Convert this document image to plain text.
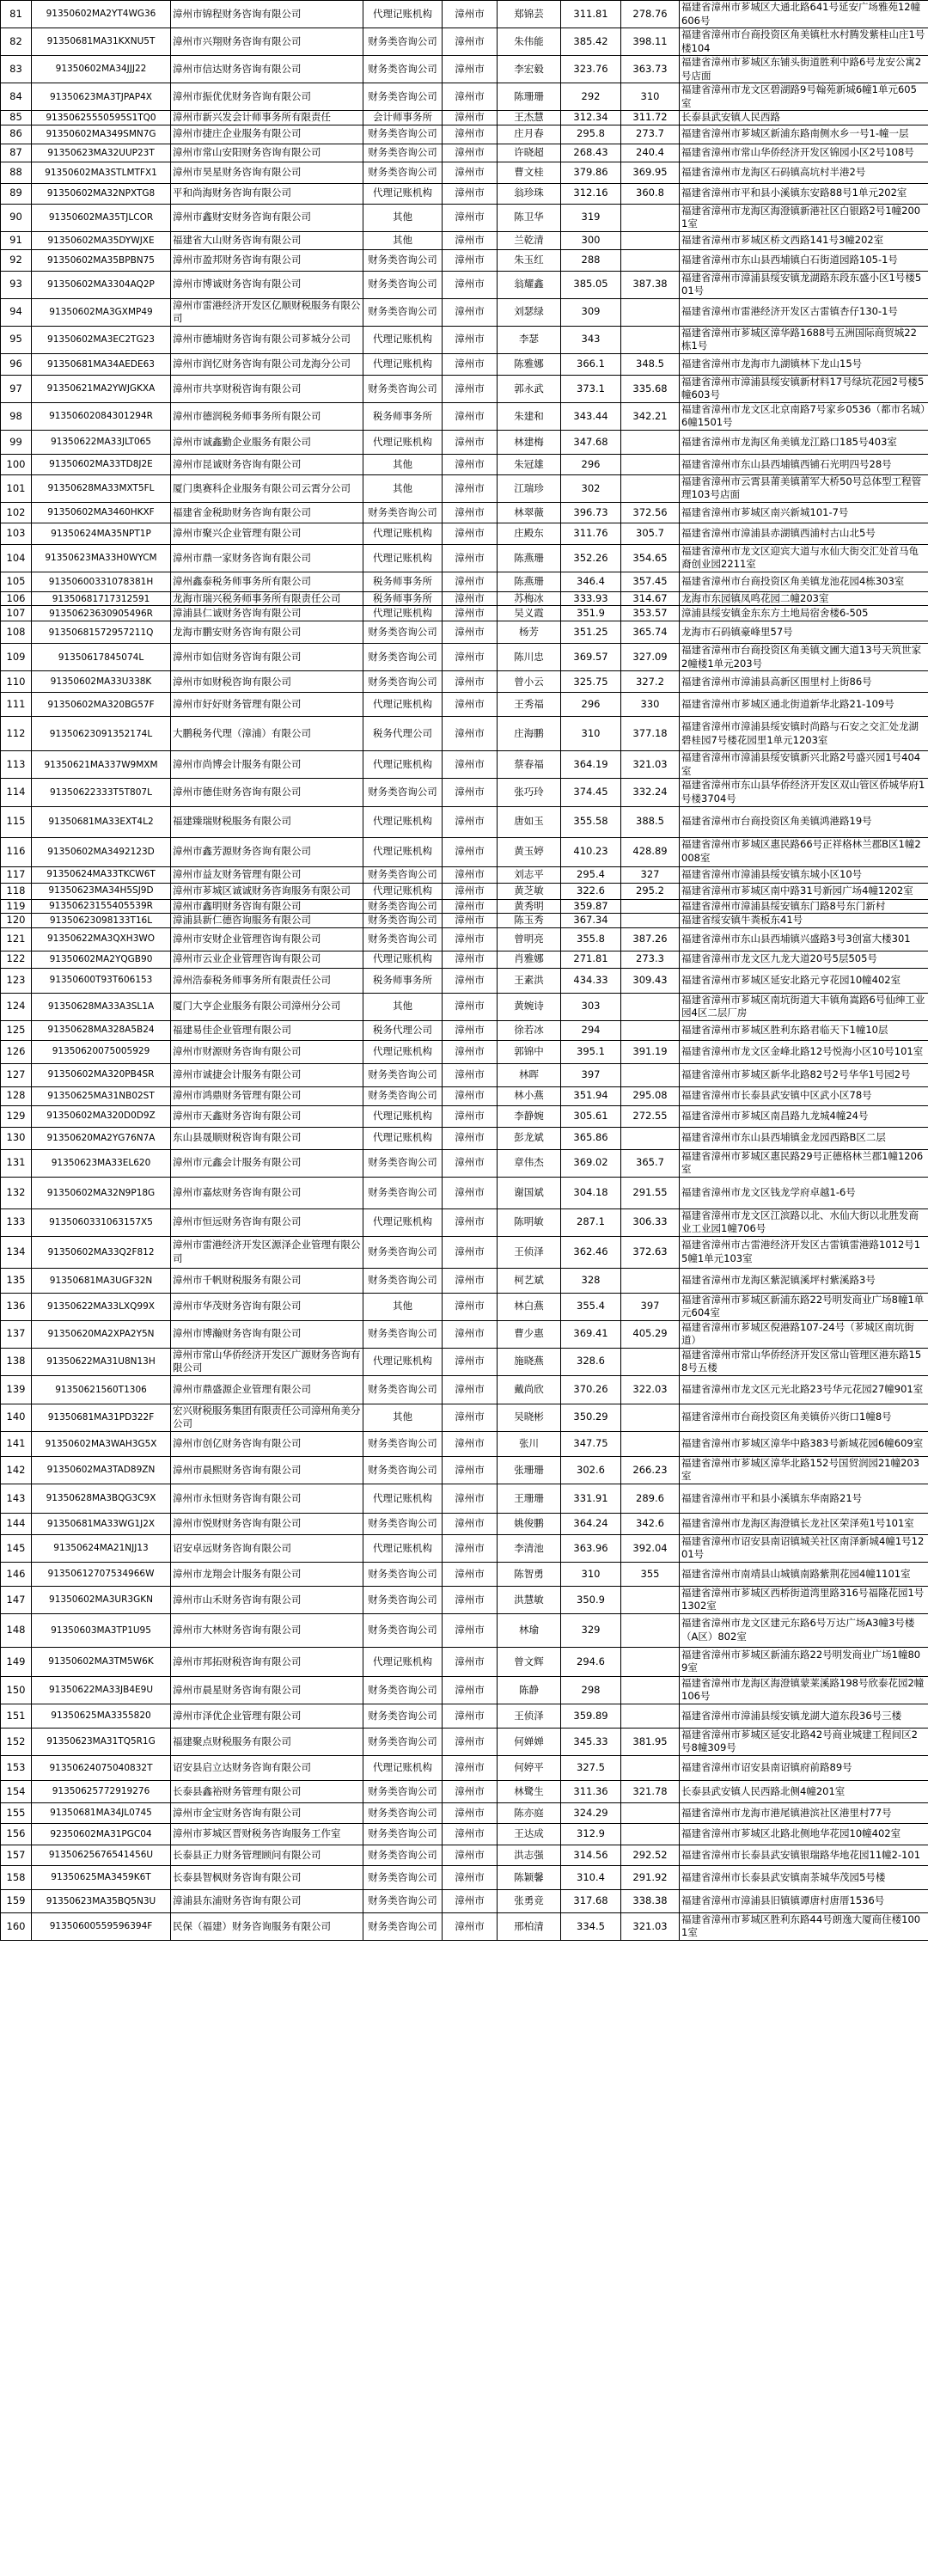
81	91350602MA2YT4WG36	漳州市锦程财务咨询有限公司	代理记账机构	漳州市	郑锦芸	311.81	278.76	福建省漳州市芗城区大通北路641号延安广场雅苑12幢606号
82	91350681MA31KXNU5T	漳州市兴翔财务咨询有限公司	财务类咨询公司	漳州市	朱伟能	385.42	398.11	福建省漳州市台商投资区角美镇杜水村腾发紫桂山庄1号楼104
83	91350602MA34JJJ22	漳州市信达财务咨询有限公司	财务类咨询公司	漳州市	李宏毅	323.76	363.73	福建省漳州市芗城区东铺头街道胜利中路6号龙安公寓2号店面
84	91350623MA3TJPAP4X	漳州市振优优财务咨询有限公司	财务类咨询公司	漳州市	陈珊珊	292	310	福建省漳州市龙文区碧湖路9号翰苑新城6幢1单元605室
85	91350625550595S1TQ0	漳州市新兴发会计师事务所有限责任	会计师事务所	漳州市	王杰慧	312.34	311.72	长泰县武安镇人民西路
86	91350602MA349SMN7G	漳州市捷庄企业服务有限公司	财务类咨询公司	漳州市	庄月春	295.8	273.7	福建省漳州市芗城区新浦东路南侧水乡一号1-幢一层
87	91350623MA32UUP23T	漳州市常山安阳财务咨询有限公司	财务类咨询公司	漳州市	许晓超	268.43	240.4	福建省漳州市常山华侨经济开发区锦园小区2号108号
88	91350602MA3STLMTFX1	漳州市昊星财务咨询有限公司	财务类咨询公司	漳州市	曹文桂	379.86	369.95	福建省漳州市龙海区石码镇高坑村半港2号
89	91350602MA32NPXTG8	平和尚海财务咨询有限公司	代理记账机构	漳州市	翁珍珠	312.16	360.8	福建省漳州市平和县小溪镇东安路88号1单元202室
90	91350602MA35TJLCOR	漳州市鑫财安财务咨询有限公司	其他	漳州市	陈卫华	319		福建省漳州市龙海区海澄镇新港社区白银路2号1幢2001室
91	91350602MA35DYWJXE	福建省大山财务咨询有限公司	其他	漳州市	兰乾清	300		福建省漳州市芗城区桥文西路141号3幢202室
92	91350602MA35BPBN75	漳州市盈邦财务咨询有限公司	财务类咨询公司	漳州市	朱玉红	288		福建省漳州市东山县西埔镇白石街道园路105-1号
93	91350602MA3304AQ2P	漳州市博诚财务咨询有限公司	财务类咨询公司	漳州市	翁耀鑫	385.05	387.38	福建省漳州市漳浦县绥安镇龙湖路东段东盛小区1号楼501号
94	91350602MA3GXMP49	漳州市雷港经济开发区亿顺财税服务有限公司	财务类咨询公司	漳州市	刘瑟绿	309		福建省漳州市雷港经济开发区古雷镇杏仔130-1号
95	91350602MA3EC2TG23	漳州市德埔财务咨询有限公司芗城分公司	代理记账机构	漳州市	李瑟	343		福建省漳州市芗城区漳华路1688号五洲国际商贸城22栋1号
96	91350681MA34AEDE63	漳州市润忆财务咨询有限公司龙海分公司	代理记账机构	漳州市	陈雅娜	366.1	348.5	福建省漳州市龙海市九湖镇林下龙山15号
97	91350621MA2YWJGKXA	漳州市共享财税咨询有限公司	财务类咨询公司	漳州市	郭永武	373.1	335.68	福建省漳州市漳浦县绥安镇新材料17号绿坑花园2号楼5幢603号
98	91350602084301294R	漳州市德润税务师事务所有限公司	税务师事务所	漳州市	朱建和	343.44	342.21	福建省漳州市龙文区北京南路7号家乡0536（都市名城）6幢1501号
99	91350622MA33JLT065	漳州市诚鑫勤企业服务有限公司	代理记账机构	漳州市	林建梅	347.68		福建省漳州市龙海区角美镇龙江路口185号403室
100	91350602MA33TD8J2E	漳州市昆诚财务咨询有限公司	其他	漳州市	朱冠雄	296		福建省漳州市东山县西埔镇西铺石光明四号28号
101	91350628MA33MXT5FL	厦门奥赛科企业服务有限公司云霄分公司	其他	漳州市	江瑞珍	302		福建省漳州市云霄县莆美镇莆军大桥50号总体型工程管理103号店面
102	91350602MA3460HKXF	福建省金税助财务咨询有限公司	财务类咨询公司	漳州市	林翠薇	396.73	372.56	福建省漳州市芗城区南兴新城101-7号
103	91350624MA35NPT1P	漳州市聚兴企业管理有限公司	代理记账机构	漳州市	庄殿东	311.76	305.7	福建省漳州市漳浦县赤湖镇西浦村古山北5号
104	91350623MA33H0WYCM	漳州市鼎一家财务咨询有限公司	代理记账机构	漳州市	陈燕珊	352.26	354.65	福建省漳州市龙文区迎宾大道与水仙大街交汇处首马龟裔创业园2211室
105	91350600331078381H	漳州鑫泰税务师事务所有限公司	税务师事务所	漳州市	陈燕珊	346.4	357.45	福建省漳州市台商投资区角美镇龙池花园4栋303室
106	91350681717312591	龙海市瑞兴税务师事务所有限责任公司	税务师事务所	漳州市	苏梅冰	333.93	314.67	龙海市东园镇凤鸣花园二幢203室
107	91350623630905496R	漳浦县仁诚财务咨询有限公司	代理记账机构	漳州市	吴义霞	351.9	353.57	漳浦县绥安镇金东东方土地局宿舍楼6-505
108	91350681572957211Q	龙海市鹏安财务咨询有限公司	财务类咨询公司	漳州市	杨芳	351.25	365.74	龙海市石码镇豪峰里57号
109	91350617845074L	漳州市如信财务咨询有限公司	财务类咨询公司	漳州市	陈川忠	369.57	327.09	福建省漳州市台商投资区角美镇文圃大道13号天筑世家2幢楼1单元203号
110	91350602MA33U338K	漳州市如财税咨询有限公司	财务类咨询公司	漳州市	曾小云	325.75	327.2	福建省漳州市漳浦县高新区围里村上街86号
111	91350602MA320BG57F	漳州市好好财务管理有限公司	代理记账机构	漳州市	王秀福	296	330	福建省漳州市芗城区通北街道新华北路21-109号
112	91350623091352174L	大鹏税务代理（漳浦）有限公司	税务代理公司	漳州市	庄海鹏	310	377.18	福建省漳州市漳浦县绥安镇时尚路与石安之交汇处龙湖碧桂园7号楼花园里1单元1203室
113	91350621MA337W9MXM	漳州市尚博会计服务有限公司	代理记账机构	漳州市	蔡春福	364.19	321.03	福建省漳州市漳浦县绥安镇新兴北路2号盛兴园1号404室
114	91350622333T5T807L	漳州市德佳财务咨询有限公司	财务类咨询公司	漳州市	张巧玲	374.45	332.24	福建省漳州市东山县华侨经济开发区双山管区侨城华府1号楼3704号
115	91350681MA33EXT4L2	福建臻瑞财税服务有限公司	代理记账机构	漳州市	唐如玉	355.58	388.5	福建省漳州市台商投资区角美镇鸿港路19号
116	91350602MA3492123D	漳州市鑫芳源财务咨询有限公司	代理记账机构	漳州市	黄玉婷	410.23	428.89	福建省漳州市芗城区惠民路66号正祥格林兰郡B区1幢2008室
117	91350624MA33TKCW6T	漳州市益友财务管理有限公司	财务类咨询公司	漳州市	刘志平	295.4	327	福建省漳州市漳浦县绥安镇东城小区10号
118	91350623MA34H5SJ9D	漳州市芗城区诚诚财务咨询服务有限公司	代理记账机构	漳州市	黄芝敏	322.6	295.2	福建省漳州市芗城区南中路31号新园广场4幢1202室
119	91350623155405539R	漳州市鑫明财务咨询有限公司	财务类咨询公司	漳州市	黄秀明	359.87		福建省漳州市漳浦县绥安镇东门路8号东门新村
120	91350623098133T16L	漳浦县新仁德咨询服务有限公司	财务类咨询公司	漳州市	陈玉秀	367.34		福建省绥安镇牛粪板东41号
121	91350622MA3QXH3WO	漳州市安财企业管理咨询有限公司	财务类咨询公司	漳州市	曾明亮	355.8	387.26	福建省漳州市东山县西埔镇兴盛路3号3创富大楼301
122	91350602MA2YQGB90	漳州市云业企业管理咨询有限公司	代理记账机构	漳州市	肖雅娜	271.81	273.3	福建省漳州市龙文区九龙大道20号5层505号
123	91350600T93T606153	漳州浩泰税务师事务所有限责任公司	税务师事务所	漳州市	王素洪	434.33	309.43	福建省漳州市芗城区延安北路元亨花园10幢402室
124	91350628MA33A3SL1A	厦门大亨企业服务有限公司漳州分公司	其他	漳州市	黄婉诗	303		福建省漳州市芗城区南坑街道大丰镇角嵩路6号仙绅工业园4区二层厂房
125	91350628MA328A5B24	福建易佳企业管理有限公司	税务代理公司	漳州市	徐若冰	294		福建省漳州市芗城区胜利东路君临天下1幢10层
126	91350620075005929	漳州市财源财务咨询有限公司	代理记账机构	漳州市	郭锦中	395.1	391.19	福建省漳州市龙文区金峰北路12号悦海小区10号101室
127	91350602MA320PB4SR	漳州市诚捷会计服务有限公司	财务类咨询公司	漳州市	林晖	397		福建省漳州市芗城区新华北路82号2号华华1号园2号
128	91350625MA31NB02ST	漳州市鸿鼎财务管理有限公司	财务类咨询公司	漳州市	林小燕	351.94	295.08	福建省漳州市长泰县武安镇中区武小区78号
129	91350602MA320D0D9Z	漳州市天鑫财务咨询有限公司	代理记账机构	漳州市	李静婉	305.61	272.55	福建省漳州市芗城区南昌路九龙城4幢24号
130	91350620MA2YG76N7A	东山县晟顺财税咨询有限公司	代理记账机构	漳州市	彭龙斌	365.86		福建省漳州市东山县西埔镇金龙园西路B区二层
131	91350623MA33EL620	漳州市元鑫会计服务有限公司	财务类咨询公司	漳州市	章伟杰	369.02	365.7	福建省漳州市芗城区惠民路29号正德格林兰郡1幢1206室
132	91350602MA32N9P18G	漳州市嘉炫财务咨询有限公司	财务类咨询公司	漳州市	谢国斌	304.18	291.55	福建省漳州市龙文区钱龙学府卓越1-6号
133	9135060331063157X5	漳州市恒远财务咨询有限公司	代理记账机构	漳州市	陈明敏	287.1	306.33	福建省漳州市龙文区江滨路以北、水仙大街以北胜发商业工业园1幢706号
134	91350602MA33Q2F812	漳州市雷港经济开发区源泽企业管理有限公司	财务类咨询公司	漳州市	王侦泽	362.46	372.63	福建省漳州市古雷港经济开发区古雷镇雷港路1012号15幢1单元103室
135	91350681MA3UGF32N	漳州市千帆财税服务有限公司	财务类咨询公司	漳州市	柯艺斌	328		福建省漳州市龙海区紫泥镇溪坪村紫溪路3号
136	91350622MA33LXQ99X	漳州市华茂财务咨询有限公司	其他	漳州市	林白燕	355.4	397	福建省漳州市芗城区新浦东路22号明发商业广场8幢1单元604室
137	91350620MA2XPA2Y5N	漳州市博瀚财务咨询有限公司	财务类咨询公司	漳州市	曹少惠	369.41	405.29	福建省漳州市芗城区倪港路107-24号（芗城区南坑街道）
138	91350622MA31U8N13H	漳州市常山华侨经济开发区广源财务咨询有限公司	代理记账机构	漳州市	施晓燕	328.6		福建省漳州市常山华侨经济开发区常山管理区港东路158号五楼
139	91350621560T1306	漳州市鼎盛源企业管理有限公司	财务类咨询公司	漳州市	戴尚欣	370.26	322.03	福建省漳州市龙文区元光北路23号华元花园27幢901室
140	91350681MA31PD322F	宏兴财税服务集团有限责任公司漳州角美分公司	其他	漳州市	吴晓彬	350.29		福建省漳州市台商投资区角美镇侨兴街口1幢8号
141	91350602MA3WAH3G5X	漳州市创亿财务咨询有限公司	财务类咨询公司	漳州市	张川	347.75		福建省漳州市芗城区漳华中路383号新城花园6幢609室
142	91350602MA3TAD89ZN	漳州市晨熙财务咨询有限公司	财务类咨询公司	漳州市	张珊珊	302.6	266.23	福建省漳州市芗城区漳华北路152号国贸润园21幢203室
143	91350628MA3BQG3C9X	漳州市永恒财务咨询有限公司	代理记账机构	漳州市	王珊珊	331.91	289.6	福建省漳州市平和县小溪镇东华南路21号
144	91350681MA33WG1J2X	漳州市悦财财务咨询有限公司	财务类咨询公司	漳州市	姚俊鹏	364.24	342.6	福建省漳州市龙海区海澄镇长龙社区荣泽苑1号101室
145	91350624MA21NJJ13	诏安卓远财务咨询有限公司	代理记账机构	漳州市	李清池	363.96	392.04	福建省漳州市诏安县南诏镇城关社区南泽新城4幢1号1201号
146	91350612707534966W	漳州市龙翔会计服务有限公司	财务类咨询公司	漳州市	陈智勇	310	355	福建省漳州市南靖县山城镇南路紫荆花园4幢1101室
147	91350602MA3UR3GKN	漳州市山禾财务咨询有限公司	财务类咨询公司	漳州市	洪慧敏	350.9		福建省漳州市芗城区西桥街道湾里路316号福隆花园1号1302室
148	91350603MA3TP1U95	漳州市大林财务咨询有限公司	财务类咨询公司	漳州市	林瑜	329		福建省漳州市龙文区建元东路6号万达广场A3幢3号楼（A区）802室
149	91350602MA3TM5W6K	漳州市邦拓财税咨询有限公司	代理记账机构	漳州市	曾文辉	294.6		福建省漳州市芗城区新浦东路22号明发商业广场1幢809室
150	91350622MA33JB4E9U	漳州市晨星财务咨询有限公司	财务类咨询公司	漳州市	陈静	298		福建省漳州市龙海区海澄镇蒙莱溪路198号欣泰花园2幢106号
151	91350625MA3355820	漳州市泽优企业管理有限公司	财务类咨询公司	漳州市	王侦泽	359.89		福建省漳州市漳浦县绥安镇龙湖大道东段36号三楼
152	91350623MA31TQ5R1G	福建聚点财税服务有限公司	财务类咨询公司	漳州市	何婵婵	345.33	381.95	福建省漳州市芗城区延安北路42号商业城建工程间区2号8幢309号
153	91350624075040832T	诏安县启立达财务咨询有限公司	代理记账机构	漳州市	何婷平	327.5		福建省漳州市诏安县南诏镇府前路89号
154	91350625772919276	长泰县鑫裕财务管理有限公司	财务类咨询公司	漳州市	林鹭生	311.36	321.78	长泰县武安镇人民西路北侧4幢201室
155	91350681MA34JL0745	漳州市金宝财务咨询有限公司	财务类咨询公司	漳州市	陈亦庭	324.29		福建省漳州市龙海市港尾镇港滨社区港里村77号
156	92350602MA31PGC04	漳州市芗城区晋财税务咨询服务工作室	财务类咨询公司	漳州市	王达成	312.9		福建省漳州市芗城区北路北侧地华花园10幢402室
157	91350625676541456U	长泰县正力财务管理顾问有限公司	财务类咨询公司	漳州市	洪志强	314.56	292.52	福建省漳州市长泰县武安镇银瑞路华地花园11幢2-101
158	91350625MA3459K6T	长泰县智枫财务咨询有限公司	财务类咨询公司	漳州市	陈颖馨	310.4	291.92	福建省漳州市长泰县武安镇南茶城华茂园5号楼
159	91350623MA35BQ5N3U	漳浦县东浦财务咨询有限公司	财务类咨询公司	漳州市	张勇竞	317.68	338.38	福建省漳州市漳浦县旧镇镇谭唐村唐厝1536号
160	91350600559596394F	民保（福建）财务咨询服务有限公司	财务类咨询公司	漳州市	邢柏清	334.5	321.03	福建省漳州市芗城区胜利东路44号朗逸大厦商住楼1001室
